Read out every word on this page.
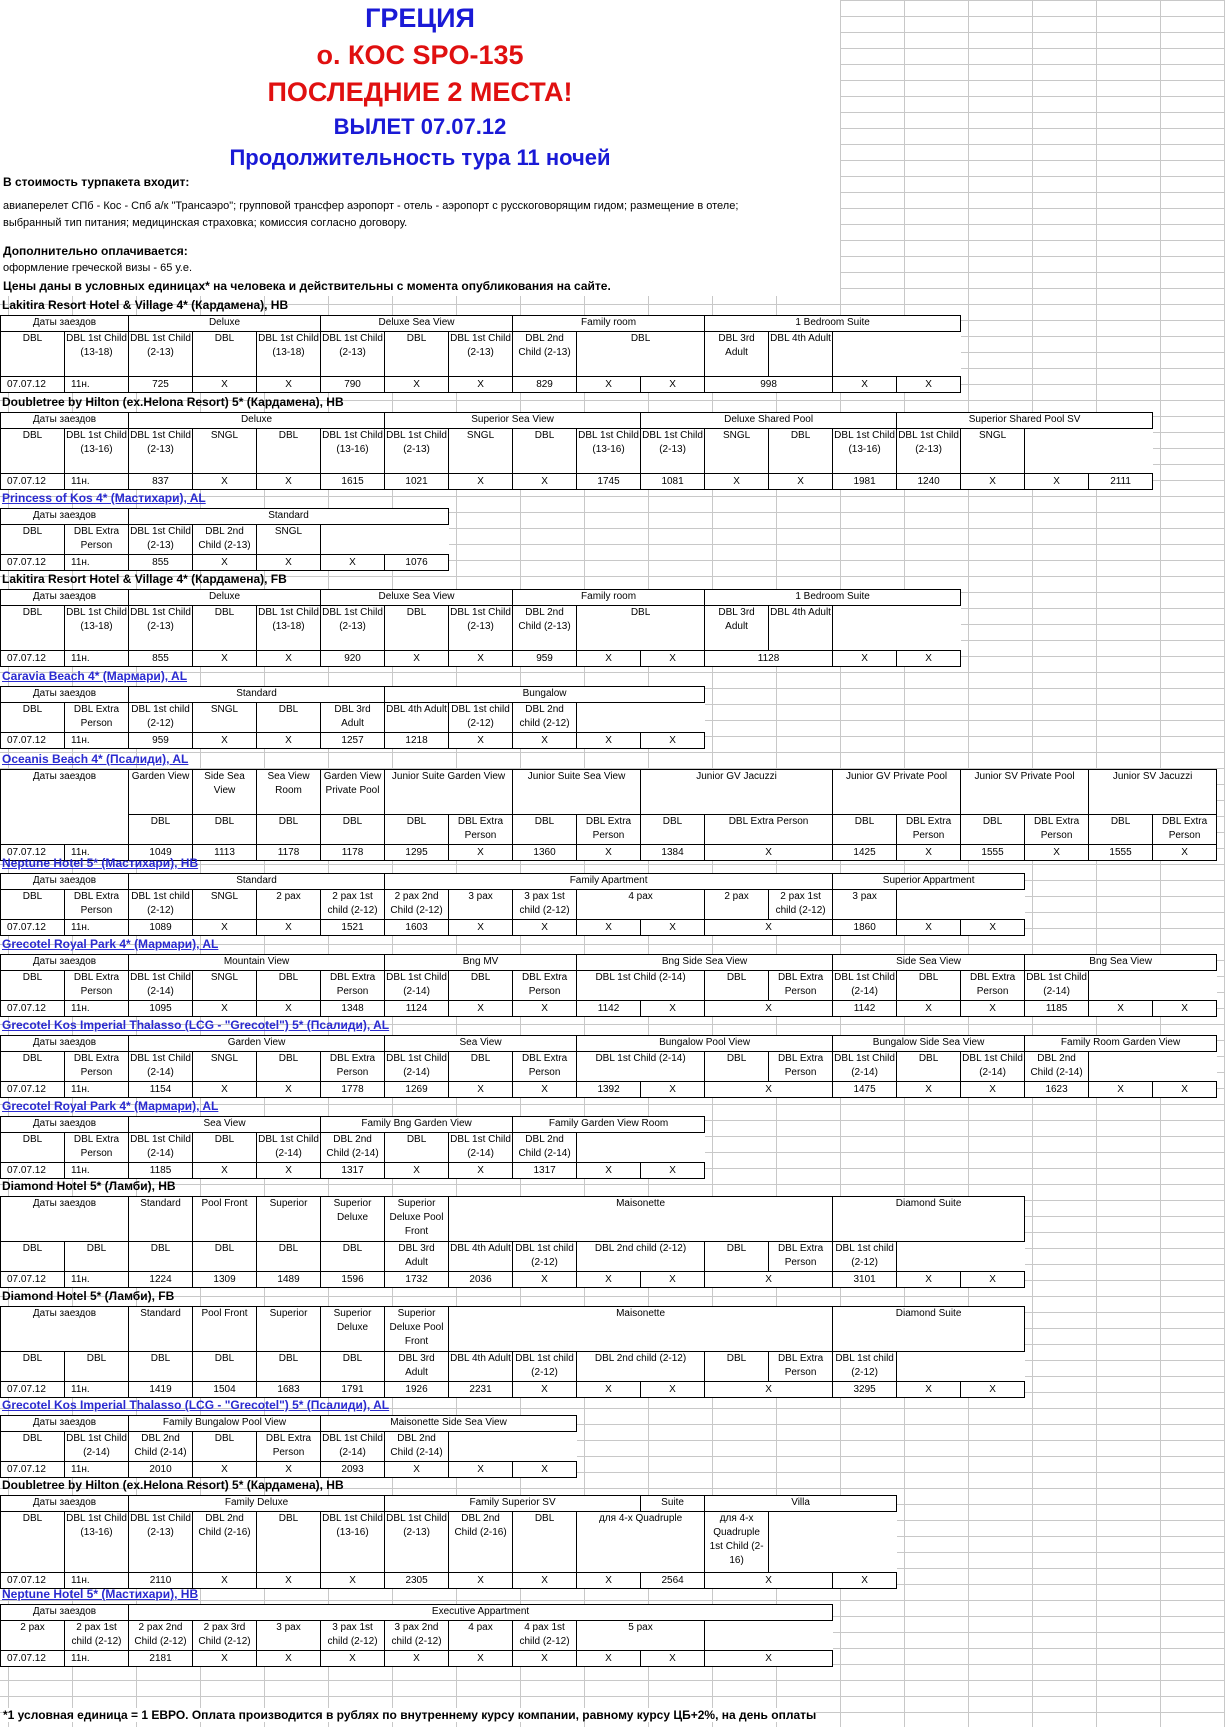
ГРЕЦИЯ
о. КОС SPO-135
ПОСЛЕДНИЕ 2 МЕСТА!
ВЫЛЕТ 07.07.12
Продолжительность тура 11 ночей
В стоимость турпакета входит:
авиаперелет СПб - Кос - Спб а/к "Трансаэро"; групповой трансфер аэропорт - отель - аэропорт с русскоговорящим гидом; размещение в отеле;
выбранный тип питания; медицинская страховка; комиссия согласно договору.
Дополнительно оплачивается:
оформление греческой визы - 65 у.е.
Цены даны в условных единицах* на человека и действительны с момента опубликования на сайте.
Lakitira Resort Hotel & Village 4* (Кардамена), HB
Даты заездов		Deluxe			Deluxe Sea View			Family room			1 Bedroom Suite			
DBL	DBL 1st Child (13-18)	DBL 1st Child (2-13)	DBL	DBL 1st Child (13-18)	DBL 1st Child (2-13)	DBL	DBL 1st Child (2-13)	DBL 2nd Child (2-13)	DBL		DBL 3rd Adult	DBL 4th Adult		
07.07.12	11н.	725	X	X	790	X	X	829	X	X	998		X	X
Doubletree by Hilton (ex.Helona Resort) 5* (Кардамена), HB
Даты заездов		Deluxe				Superior Sea View				Deluxe Shared Pool				Superior Shared Pool SV			
DBL	DBL 1st Child (13-16)	DBL 1st Child (2-13)	SNGL	DBL	DBL 1st Child (13-16)	DBL 1st Child (2-13)	SNGL	DBL	DBL 1st Child (13-16)	DBL 1st Child (2-13)	SNGL	DBL	DBL 1st Child (13-16)	DBL 1st Child (2-13)	SNGL		
07.07.12	11н.	837	X	X	1615	1021	X	X	1745	1081	X	X	1981	1240	X	X	2111
Princess of Kos 4* (Мастихари), AL
Даты заездов		Standard				
DBL	DBL Extra Person	DBL 1st Child (2-13)	DBL 2nd Child (2-13)	SNGL		
07.07.12	11н.	855	X	X	X	1076
Lakitira Resort Hotel & Village 4* (Кардамена), FB
Даты заездов		Deluxe			Deluxe Sea View			Family room			1 Bedroom Suite			
DBL	DBL 1st Child (13-18)	DBL 1st Child (2-13)	DBL	DBL 1st Child (13-18)	DBL 1st Child (2-13)	DBL	DBL 1st Child (2-13)	DBL 2nd Child (2-13)	DBL		DBL 3rd Adult	DBL 4th Adult		
07.07.12	11н.	855	X	X	920	X	X	959	X	X	1128		X	X
Caravia Beach 4* (Мармари), AL
Даты заездов		Standard				Bungalow				
DBL	DBL Extra Person	DBL 1st child (2-12)	SNGL	DBL	DBL 3rd Adult	DBL 4th Adult	DBL 1st child (2-12)	DBL 2nd child (2-12)		
07.07.12	11н.	959	X	X	1257	1218	X	X	X	X
Oceanis Beach 4* (Псалиди), AL
Даты заездов		Garden View	Side Sea View	Sea View Room	Garden View Private Pool	Junior Suite Garden View		Junior Suite Sea View		Junior GV Jacuzzi		Junior GV Private Pool		Junior SV Private Pool		Junior SV Jacuzzi	
		DBL	DBL	DBL	DBL	DBL	DBL Extra Person	DBL	DBL Extra Person	DBL	DBL Extra Person	DBL	DBL Extra Person	DBL	DBL Extra Person	DBL	DBL Extra Person
07.07.12	11н.	1049	1113	1178	1178	1295	X	1360	X	1384	X	1425	X	1555	X	1555	X
Neptune Hotel 5* (Мастихари), HB
Даты заездов		Standard				Family Apartment							Superior Appartment		
DBL	DBL Extra Person	DBL 1st child (2-12)	SNGL	2 pax	2 pax 1st child (2-12)	2 pax 2nd Child (2-12)	3 pax	3 pax 1st child (2-12)	4 pax		2 pax	2 pax 1st child (2-12)	3 pax		
07.07.12	11н.	1089	X	X	1521	1603	X	X	X	X	X		1860	X	X
Grecotel Royal Park 4* (Мармари), AL
Даты заездов		Mountain View				Bng MV			Bng Side Sea View				Side Sea View			Bng Sea View		
DBL	DBL Extra Person	DBL 1st Child (2-14)	SNGL	DBL	DBL Extra Person	DBL 1st Child (2-14)	DBL	DBL Extra Person	DBL 1st Child (2-14)		DBL	DBL Extra Person	DBL 1st Child (2-14)	DBL	DBL Extra Person	DBL 1st Child (2-14)		
07.07.12	11н.	1095	X	X	1348	1124	X	X	1142	X	X		1142	X	X	1185	X	X
Grecotel Kos Imperial Thalasso (LCG - "Grecotel") 5* (Псалиди), AL
Даты заездов		Garden View				Sea View			Bungalow Pool View				Bungalow Side Sea View			Family Room Garden View		
DBL	DBL Extra Person	DBL 1st Child (2-14)	SNGL	DBL	DBL Extra Person	DBL 1st Child (2-14)	DBL	DBL Extra Person	DBL 1st Child (2-14)		DBL	DBL Extra Person	DBL 1st Child (2-14)	DBL	DBL 1st Child (2-14)	DBL 2nd Child (2-14)		
07.07.12	11н.	1154	X	X	1778	1269	X	X	1392	X	X		1475	X	X	1623	X	X
Grecotel Royal Park 4* (Мармари), AL
Даты заездов		Sea View			Family Bng Garden View			Family Garden View Room		
DBL	DBL Extra Person	DBL 1st Child (2-14)	DBL	DBL 1st Child (2-14)	DBL 2nd Child (2-14)	DBL	DBL 1st Child (2-14)	DBL 2nd Child (2-14)		
07.07.12	11н.	1185	X	X	1317	X	X	1317	X	X
Diamond Hotel 5* (Ламби), HB
Даты заездов		Standard	Pool Front	Superior	Superior Deluxe	Superior Deluxe Pool Front	Maisonette						Diamond Suite		
DBL	DBL	DBL	DBL	DBL	DBL	DBL 3rd Adult	DBL 4th Adult	DBL 1st child (2-12)	DBL 2nd child (2-12)		DBL	DBL Extra Person	DBL 1st child (2-12)		
07.07.12	11н.	1224	1309	1489	1596	1732	2036	X	X	X	X		3101	X	X
Diamond Hotel 5* (Ламби), FB
Даты заездов		Standard	Pool Front	Superior	Superior Deluxe	Superior Deluxe Pool Front	Maisonette						Diamond Suite		
DBL	DBL	DBL	DBL	DBL	DBL	DBL 3rd Adult	DBL 4th Adult	DBL 1st child (2-12)	DBL 2nd child (2-12)		DBL	DBL Extra Person	DBL 1st child (2-12)		
07.07.12	11н.	1419	1504	1683	1791	1926	2231	X	X	X	X		3295	X	X
Grecotel Kos Imperial Thalasso (LCG - "Grecotel") 5* (Псалиди), AL
Даты заездов		Family Bungalow Pool View			Maisonette Side Sea View			
DBL	DBL 1st Child (2-14)	DBL 2nd Child (2-14)	DBL	DBL Extra Person	DBL 1st Child (2-14)	DBL 2nd Child (2-14)		
07.07.12	11н.	2010	X	X	2093	X	X	X
Doubletree by Hilton (ex.Helona Resort) 5* (Кардамена), HB
Даты заездов		Family Deluxe				Family Superior SV				Suite	Villa	
DBL	DBL 1st Child (13-16)	DBL 1st Child (2-13)	DBL 2nd Child (2-16)	DBL	DBL 1st Child (13-16)	DBL 1st Child (2-13)	DBL 2nd Child (2-16)	DBL	для 4-х Quadruple		для 4-х Quadruple 1st Child (2-16)	
07.07.12	11н.	2110	X	X	X	2305	X	X	X	2564	X	X
Neptune Hotel 5* (Мастихари), HB
Даты заездов		Executive Appartment									
2 pax	2 pax 1st child (2-12)	2 pax 2nd Child (2-12)	2 pax 3rd Child (2-12)	3 pax	3 pax 1st child (2-12)	3 pax 2nd child (2-12)	4 pax	4 pax 1st child (2-12)	5 pax		
07.07.12	11н.	2181	X	X	X	X	X	X	X	X	X
*1 условная единица = 1 ЕВРО. Оплата производится в рублях по внутреннему курсу компании, равному курсу ЦБ+2%, на день оплаты
